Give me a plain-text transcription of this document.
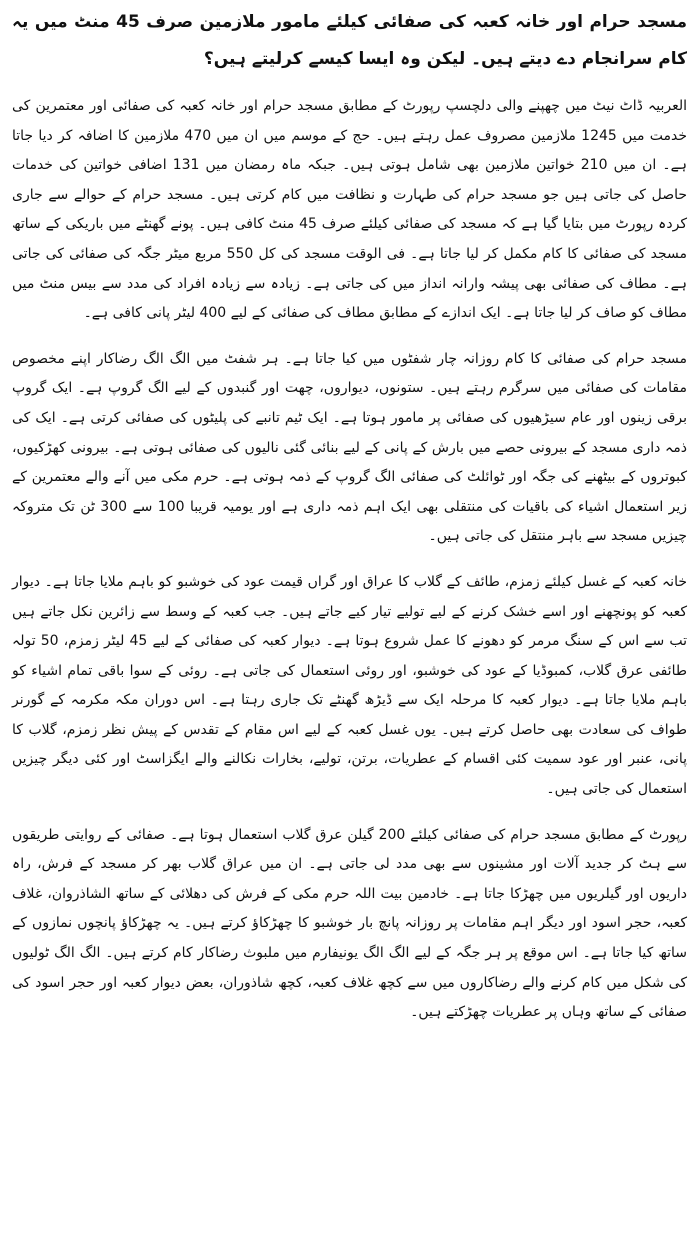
مسجد حرام اور خانہ کعبہ کی صفائی کیلئے مامور ملازمین صرف 45 منٹ میں یہ کام سرانجام دے دیتے ہیں۔ لیکن وہ ایسا کیسے کرلیتے ہیں؟

العربیہ ڈاٹ نیٹ میں چھپنے والی دلچسپ رپورٹ کے مطابق مسجد حرام اور خانہ کعبہ کی صفائی اور معتمرین کی خدمت میں 1245 ملازمین مصروف عمل رہتے ہیں۔ حج کے موسم میں ان میں 470 ملازمین کا اضافہ کر دیا جاتا ہے۔ ان میں 210 خواتین ملازمین بھی شامل ہوتی ہیں۔ جبکہ ماہ رمضان میں 131 اضافی خواتین کی خدمات حاصل کی جاتی ہیں جو مسجد حرام کی طہارت و نظافت میں کام کرتی ہیں۔ مسجد حرام کے حوالے سے جاری کردہ رپورٹ میں بتایا گیا ہے کہ مسجد کی صفائی کیلئے صرف 45 منٹ کافی ہیں۔ پونے گھنٹے میں باریکی کے ساتھ مسجد کی صفائی کا کام مکمل کر لیا جاتا ہے۔ فی الوقت مسجد کی کل 550 مربع میٹر جگہ کی صفائی کی جاتی ہے۔ مطاف کی صفائی بھی پیشہ وارانہ انداز میں کی جاتی ہے۔ زیادہ سے زیادہ افراد کی مدد سے بیس منٹ میں مطاف کو صاف کر لیا جاتا ہے۔ ایک اندازے کے مطابق مطاف کی صفائی کے لیے 400 لیٹر پانی کافی ہے۔

مسجد حرام کی صفائی کا کام روزانہ چار شفٹوں میں کیا جاتا ہے۔ ہر شفٹ میں الگ الگ رضاکار اپنے مخصوص مقامات کی صفائی میں سرگرم رہتے ہیں۔ ستونوں، دیواروں، چھت اور گنبدوں کے لیے الگ گروپ ہے۔ ایک گروپ برقی زینوں اور عام سیڑھیوں کی صفائی پر مامور ہوتا ہے۔ ایک ٹیم تانبے کی پلیٹوں کی صفائی کرتی ہے۔ ایک کی ذمہ داری مسجد کے بیرونی حصے میں بارش کے پانی کے لیے بنائی گئی نالیوں کی صفائی ہوتی ہے۔ بیرونی کھڑکیوں، کبوتروں کے بیٹھنے کی جگہ اور ٹوائلٹ کی صفائی الگ گروپ کے ذمہ ہوتی ہے۔ حرم مکی میں آنے والے معتمرین کے زیر استعمال اشیاء کی باقیات کی منتقلی بھی ایک اہم ذمہ داری ہے اور یومیہ قریبا 100 سے 300 ٹن تک متروکہ چیزیں مسجد سے باہر منتقل کی جاتی ہیں۔

خانہ کعبہ کے غسل کیلئے زمزم، طائف کے گلاب کا عراق اور گراں قیمت عود کی خوشبو کو باہم ملایا جاتا ہے۔ دیوار کعبہ کو پونچھنے اور اسے خشک کرنے کے لیے تولیے تیار کیے جاتے ہیں۔ جب کعبہ کے وسط سے زائرین نکل جاتے ہیں تب سے اس کے سنگ مرمر کو دھونے کا عمل شروع ہوتا ہے۔ دیوار کعبہ کی صفائی کے لیے 45 لیٹر زمزم، 50 تولہ طائفی عرق گلاب، کمبوڈیا کے عود کی خوشبو، اور روئی استعمال کی جاتی ہے۔ روئی کے سوا باقی تمام اشیاء کو باہم ملایا جاتا ہے۔ دیوار کعبہ کا مرحلہ ایک سے ڈیڑھ گھنٹے تک جاری رہتا ہے۔ اس دوران مکہ مکرمہ کے گورنر طواف کی سعادت بھی حاصل کرتے ہیں۔ یوں غسل کعبہ کے لیے اس مقام کے تقدس کے پیش نظر زمزم، گلاب کا پانی، عنبر اور عود سمیت کئی اقسام کے عطریات، برتن، تولیے، بخارات نکالنے والے ایگزاسٹ اور کئی دیگر چیزیں استعمال کی جاتی ہیں۔

رپورٹ کے مطابق مسجد حرام کی صفائی کیلئے 200 گیلن عرق گلاب استعمال ہوتا ہے۔ صفائی کے روایتی طریقوں سے ہٹ کر جدید آلات اور مشینوں سے بھی مدد لی جاتی ہے۔ ان میں عراق گلاب بھر کر مسجد کے فرش، راہ داریوں اور گیلریوں میں چھڑکا جاتا ہے۔ خادمین بیت اللہ حرم مکی کے فرش کی دھلائی کے ساتھ الشاذروان، غلاف کعبہ، حجر اسود اور دیگر اہم مقامات پر روزانہ پانچ بار خوشبو کا چھڑکاؤ کرتے ہیں۔ یہ چھڑکاؤ پانچوں نمازوں کے ساتھ کیا جاتا ہے۔ اس موقع پر ہر جگہ کے لیے الگ الگ یونیفارم میں ملبوث رضاکار کام کرتے ہیں۔ الگ الگ ٹولیوں کی شکل میں کام کرنے والے رضاکاروں میں سے کچھ غلاف کعبہ، کچھ شاذوران، بعض دیوار کعبہ اور حجر اسود کی صفائی کے ساتھ وہاں پر عطریات چھڑکتے ہیں۔
